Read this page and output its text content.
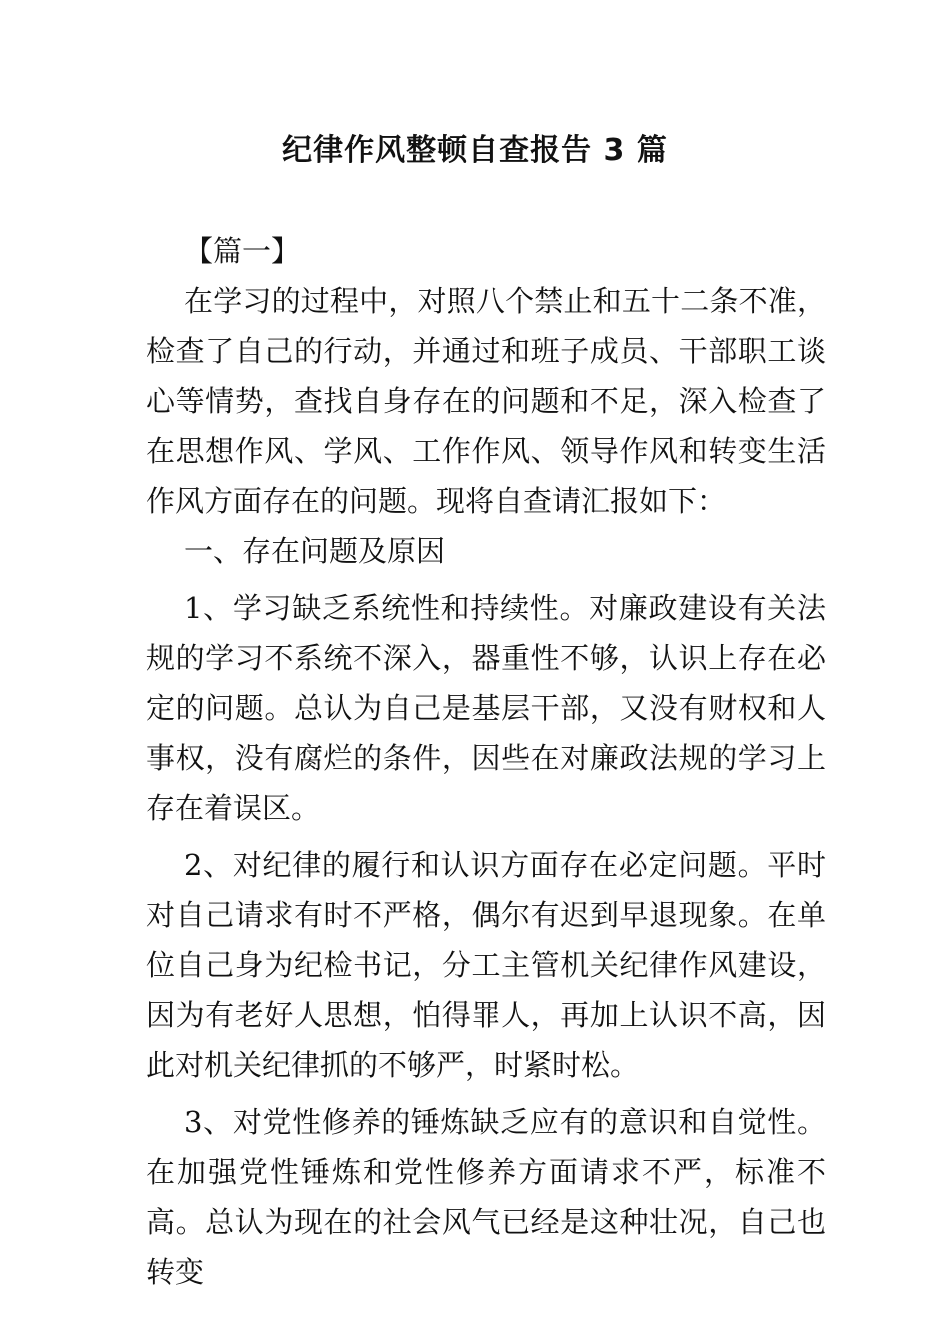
纪律作风整顿自查报告 3 篇

【篇一】

在学习的过程中，对照八个禁止和五十二条不准，检查了自己的行动，并通过和班子成员、干部职工谈心等情势，查找自身存在的问题和不足，深入检查了在思想作风、学风、工作作风、领导作风和转变生活作风方面存在的问题。现将自查请汇报如下：

一、存在问题及原因

1、学习缺乏系统性和持续性。对廉政建设有关法规的学习不系统不深入，器重性不够，认识上存在必定的问题。总认为自己是基层干部，又没有财权和人事权，没有腐烂的条件，因些在对廉政法规的学习上存在着误区。

2、对纪律的履行和认识方面存在必定问题。平时对自己请求有时不严格，偶尔有迟到早退现象。在单位自己身为纪检书记，分工主管机关纪律作风建设，因为有老好人思想，怕得罪人，再加上认识不高，因此对机关纪律抓的不够严，时紧时松。

3、对党性修养的锤炼缺乏应有的意识和自觉性。在加强党性锤炼和党性修养方面请求不严，标准不高。总认为现在的社会风气已经是这种壮况，自己也转变
